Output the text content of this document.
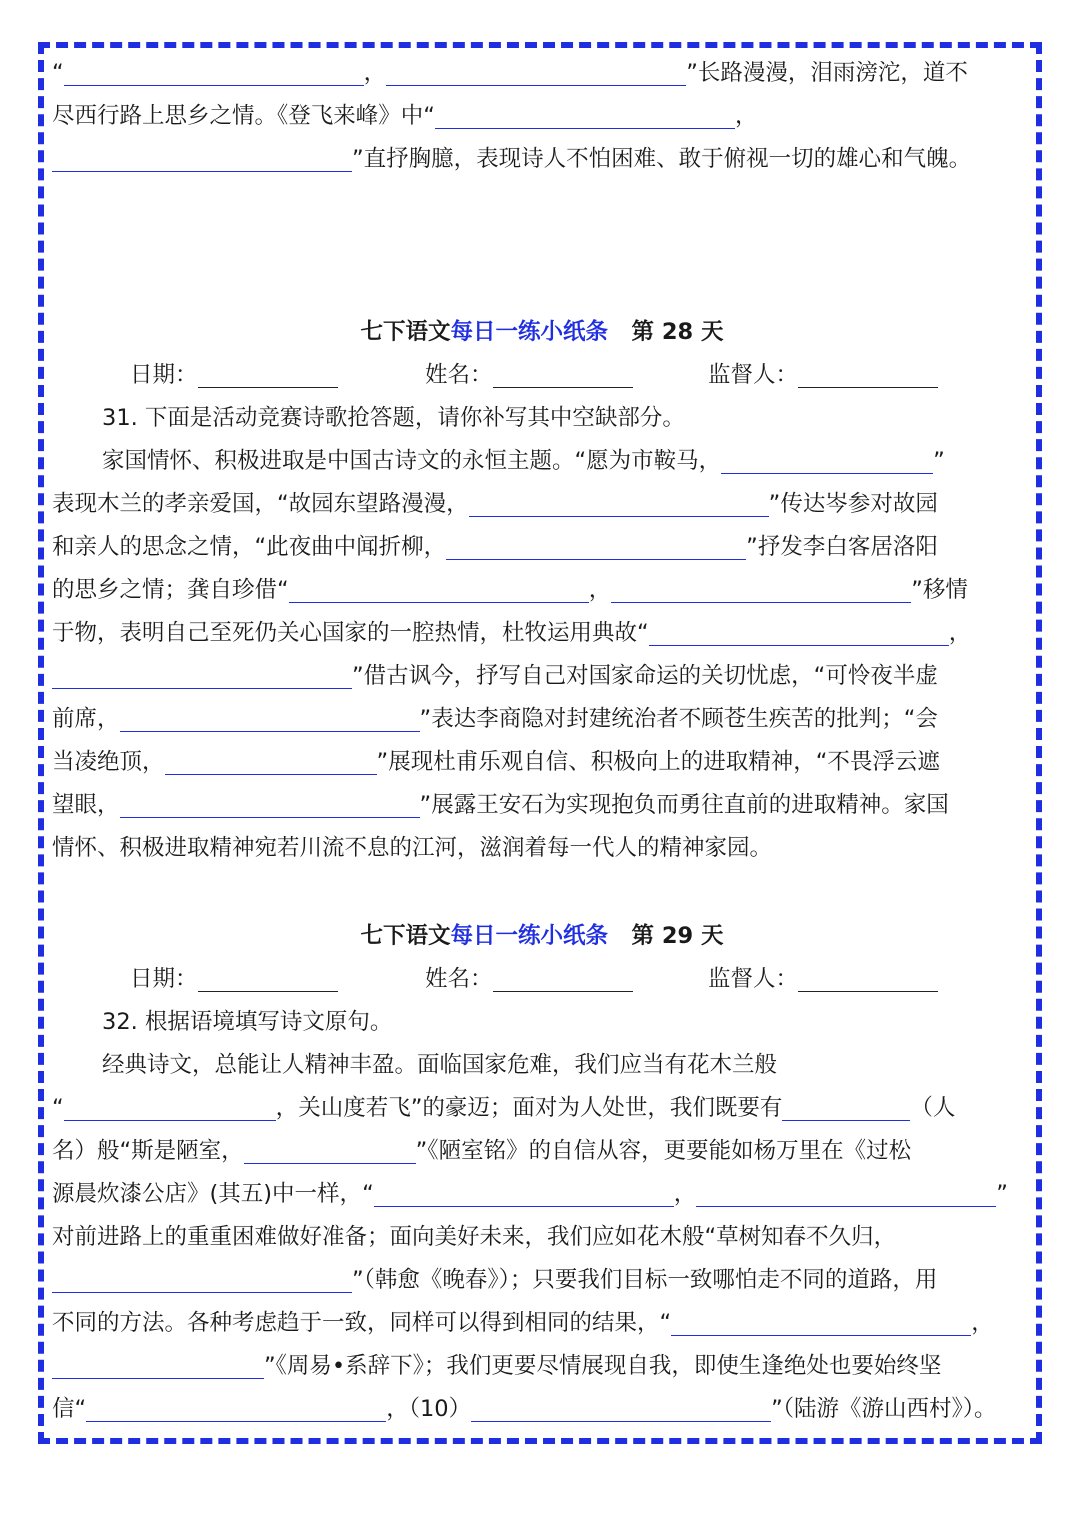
“	，	”长路漫漫，泪雨滂沱，道不
尽西行路上思乡之情。《登飞来峰》中“	，
”直抒胸臆，表现诗人不怕困难、敢于俯视一切的雄心和气魄。
七下语文每日一练小纸条 第 28 天
日期：	姓名：	监督人：
31. 下面是活动竞赛诗歌抢答题，请你补写其中空缺部分。
家国情怀、积极进取是中国古诗文的永恒主题。“愿为市鞍马，	”
表现木兰的孝亲爱国，“故园东望路漫漫，	”传达岑参对故园
和亲人的思念之情，“此夜曲中闻折柳，	”抒发李白客居洛阳
的思乡之情；龚自珍借“	，	”移情
于物，表明自己至死仍关心国家的一腔热情，杜牧运用典故“	，
”借古讽今，抒写自己对国家命运的关切忧虑，“可怜夜半虚
前席，	”表达李商隐对封建统治者不顾苍生疾苦的批判；“会
当凌绝顶，	”展现杜甫乐观自信、积极向上的进取精神，“不畏浮云遮
望眼，	”展露王安石为实现抱负而勇往直前的进取精神。家国
情怀、积极进取精神宛若川流不息的江河，滋润着每一代人的精神家园。
七下语文每日一练小纸条 第 29 天
日期：	姓名：	监督人：
32. 根据语境填写诗文原句。
经典诗文，总能让人精神丰盈。面临国家危难，我们应当有花木兰般
“	，关山度若飞”的豪迈；面对为人处世，我们既要有	（人
名）般“斯是陋室，	”《陋室铭》的自信从容，更要能如杨万里在《过松
源晨炊漆公店》(其五)中一样，“	，	”
对前进路上的重重困难做好准备；面向美好未来，我们应如花木般“草树知春不久归，
”（韩愈《晚春》）；只要我们目标一致哪怕走不同的道路，用
不同的方法。各种考虑趋于一致，同样可以得到相同的结果，“	，
”《周易•系辞下》；我们更要尽情展现自我，即使生逢绝处也要始终坚
信“	，（10）	”（陆游《游山西村》）。
